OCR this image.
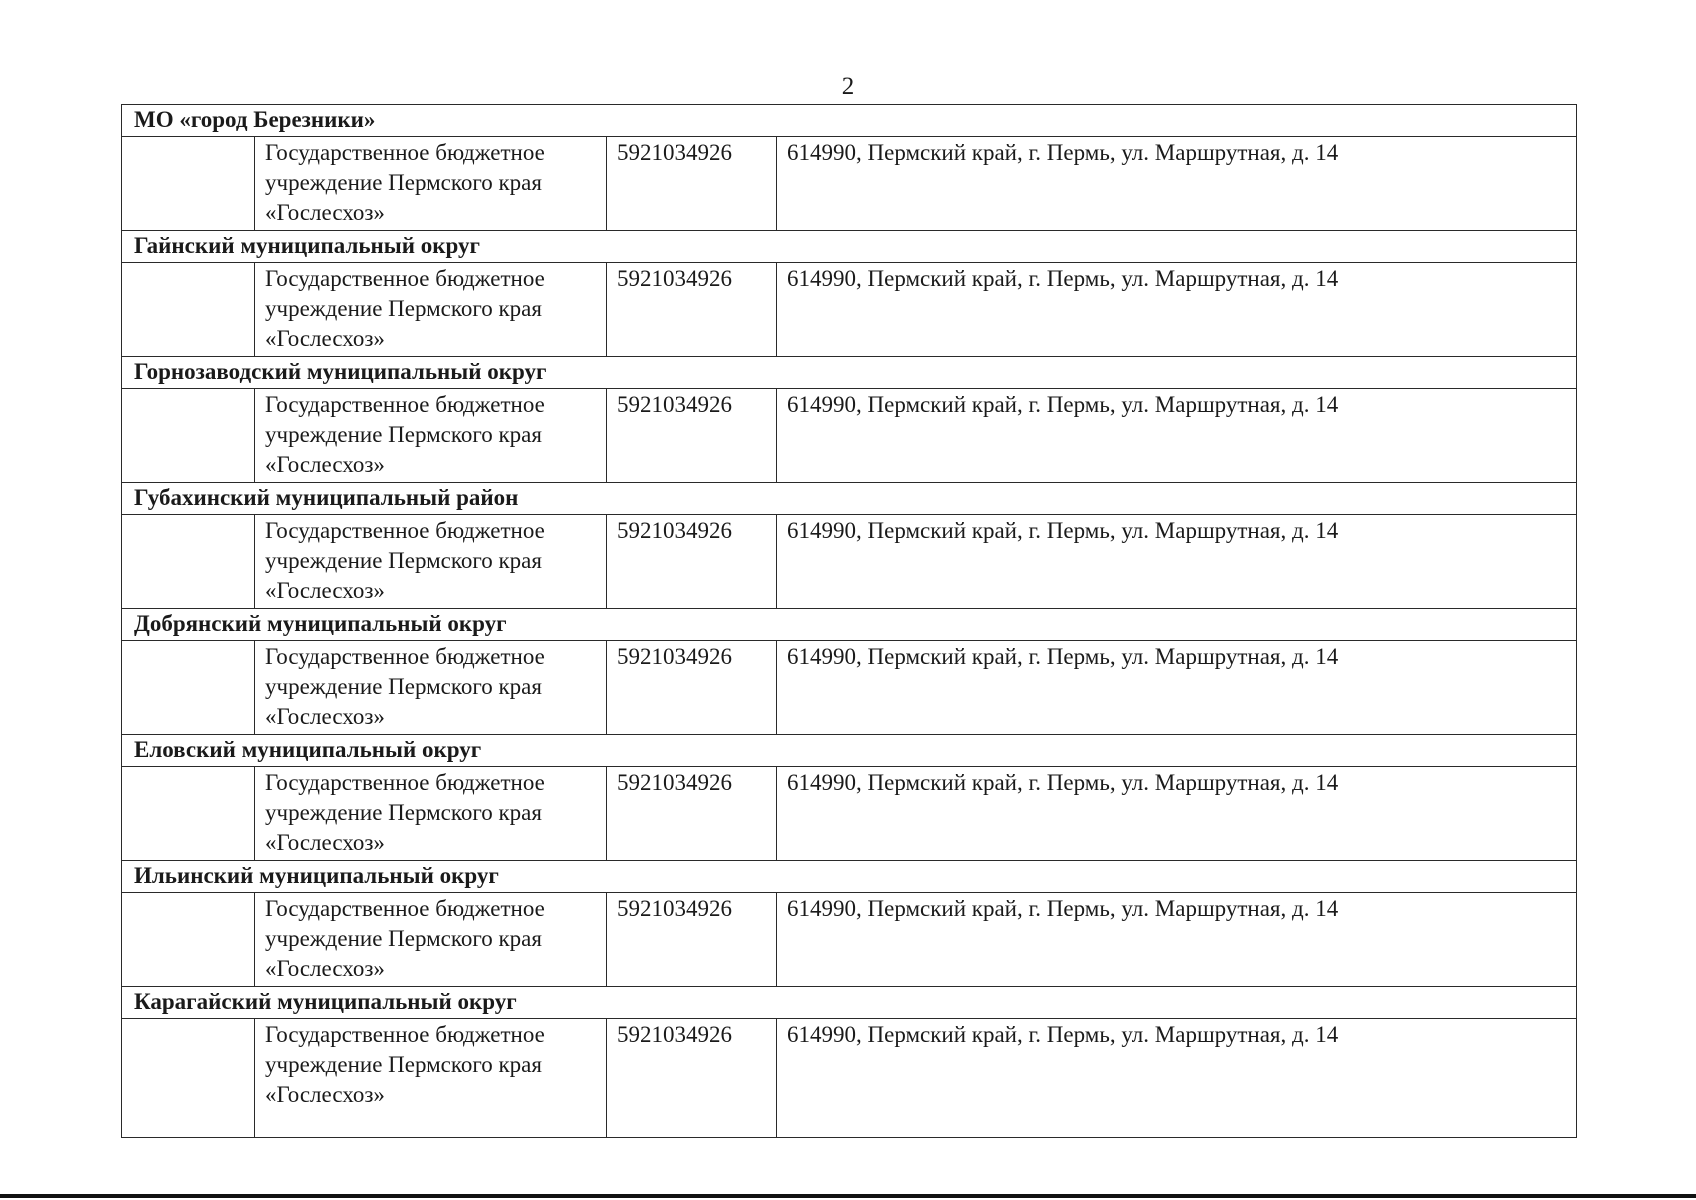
2
МО «город Березники»			
	Государственное бюджетное
учреждение Пермского края
«Гослесхоз»	5921034926	614990, Пермский край, г. Пермь, ул. Маршрутная, д. 14
Гайнский муниципальный округ			
	Государственное бюджетное
учреждение Пермского края
«Гослесхоз»	5921034926	614990, Пермский край, г. Пермь, ул. Маршрутная, д. 14
Горнозаводский муниципальный округ			
	Государственное бюджетное
учреждение Пермского края
«Гослесхоз»	5921034926	614990, Пермский край, г. Пермь, ул. Маршрутная, д. 14
Губахинский муниципальный район			
	Государственное бюджетное
учреждение Пермского края
«Гослесхоз»	5921034926	614990, Пермский край, г. Пермь, ул. Маршрутная, д. 14
Добрянский муниципальный округ			
	Государственное бюджетное
учреждение Пермского края
«Гослесхоз»	5921034926	614990, Пермский край, г. Пермь, ул. Маршрутная, д. 14
Еловский муниципальный округ			
	Государственное бюджетное
учреждение Пермского края
«Гослесхоз»	5921034926	614990, Пермский край, г. Пермь, ул. Маршрутная, д. 14
Ильинский муниципальный округ			
	Государственное бюджетное
учреждение Пермского края
«Гослесхоз»	5921034926	614990, Пермский край, г. Пермь, ул. Маршрутная, д. 14
Карагайский муниципальный округ			
	Государственное бюджетное
учреждение Пермского края
«Гослесхоз»	5921034926	614990, Пермский край, г. Пермь, ул. Маршрутная, д. 14
